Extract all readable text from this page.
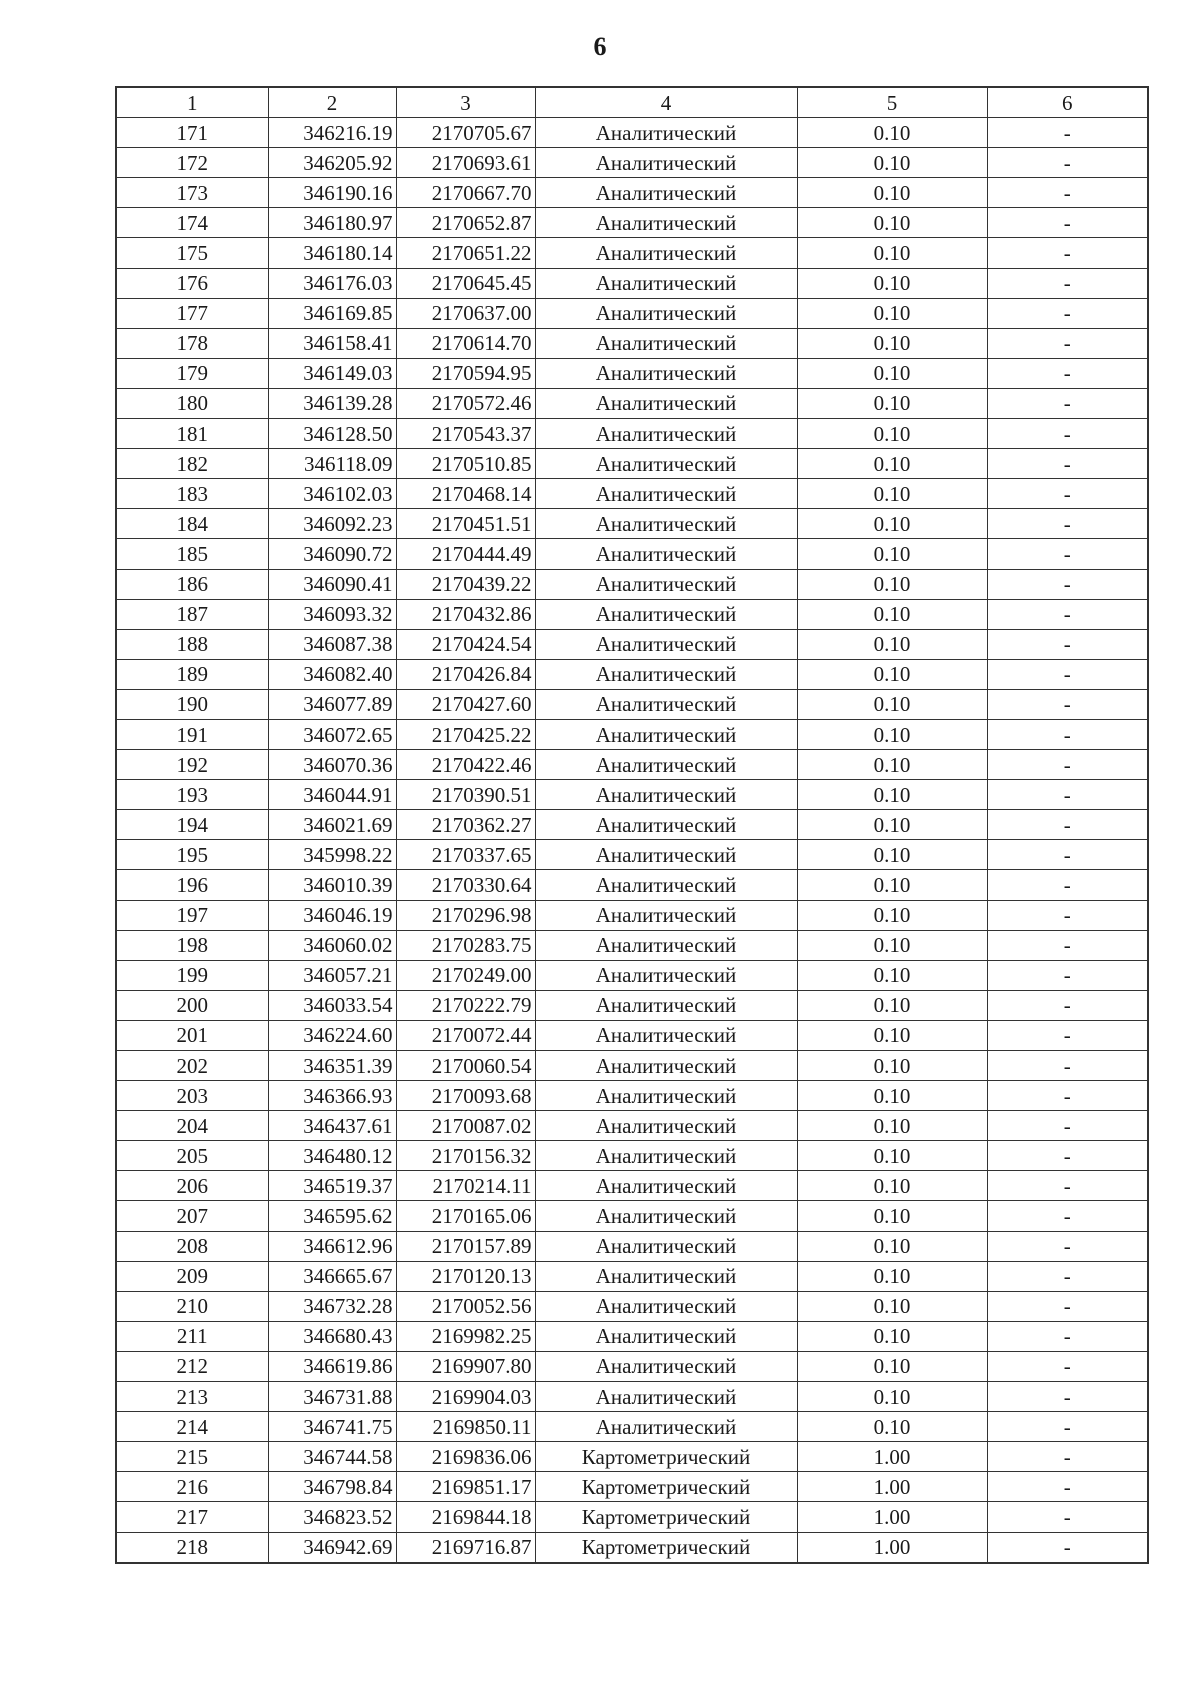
6
1	2	3	4	5	6
171	346216.19	2170705.67	Аналитический	0.10	-
172	346205.92	2170693.61	Аналитический	0.10	-
173	346190.16	2170667.70	Аналитический	0.10	-
174	346180.97	2170652.87	Аналитический	0.10	-
175	346180.14	2170651.22	Аналитический	0.10	-
176	346176.03	2170645.45	Аналитический	0.10	-
177	346169.85	2170637.00	Аналитический	0.10	-
178	346158.41	2170614.70	Аналитический	0.10	-
179	346149.03	2170594.95	Аналитический	0.10	-
180	346139.28	2170572.46	Аналитический	0.10	-
181	346128.50	2170543.37	Аналитический	0.10	-
182	346118.09	2170510.85	Аналитический	0.10	-
183	346102.03	2170468.14	Аналитический	0.10	-
184	346092.23	2170451.51	Аналитический	0.10	-
185	346090.72	2170444.49	Аналитический	0.10	-
186	346090.41	2170439.22	Аналитический	0.10	-
187	346093.32	2170432.86	Аналитический	0.10	-
188	346087.38	2170424.54	Аналитический	0.10	-
189	346082.40	2170426.84	Аналитический	0.10	-
190	346077.89	2170427.60	Аналитический	0.10	-
191	346072.65	2170425.22	Аналитический	0.10	-
192	346070.36	2170422.46	Аналитический	0.10	-
193	346044.91	2170390.51	Аналитический	0.10	-
194	346021.69	2170362.27	Аналитический	0.10	-
195	345998.22	2170337.65	Аналитический	0.10	-
196	346010.39	2170330.64	Аналитический	0.10	-
197	346046.19	2170296.98	Аналитический	0.10	-
198	346060.02	2170283.75	Аналитический	0.10	-
199	346057.21	2170249.00	Аналитический	0.10	-
200	346033.54	2170222.79	Аналитический	0.10	-
201	346224.60	2170072.44	Аналитический	0.10	-
202	346351.39	2170060.54	Аналитический	0.10	-
203	346366.93	2170093.68	Аналитический	0.10	-
204	346437.61	2170087.02	Аналитический	0.10	-
205	346480.12	2170156.32	Аналитический	0.10	-
206	346519.37	2170214.11	Аналитический	0.10	-
207	346595.62	2170165.06	Аналитический	0.10	-
208	346612.96	2170157.89	Аналитический	0.10	-
209	346665.67	2170120.13	Аналитический	0.10	-
210	346732.28	2170052.56	Аналитический	0.10	-
211	346680.43	2169982.25	Аналитический	0.10	-
212	346619.86	2169907.80	Аналитический	0.10	-
213	346731.88	2169904.03	Аналитический	0.10	-
214	346741.75	2169850.11	Аналитический	0.10	-
215	346744.58	2169836.06	Картометрический	1.00	-
216	346798.84	2169851.17	Картометрический	1.00	-
217	346823.52	2169844.18	Картометрический	1.00	-
218	346942.69	2169716.87	Картометрический	1.00	-
